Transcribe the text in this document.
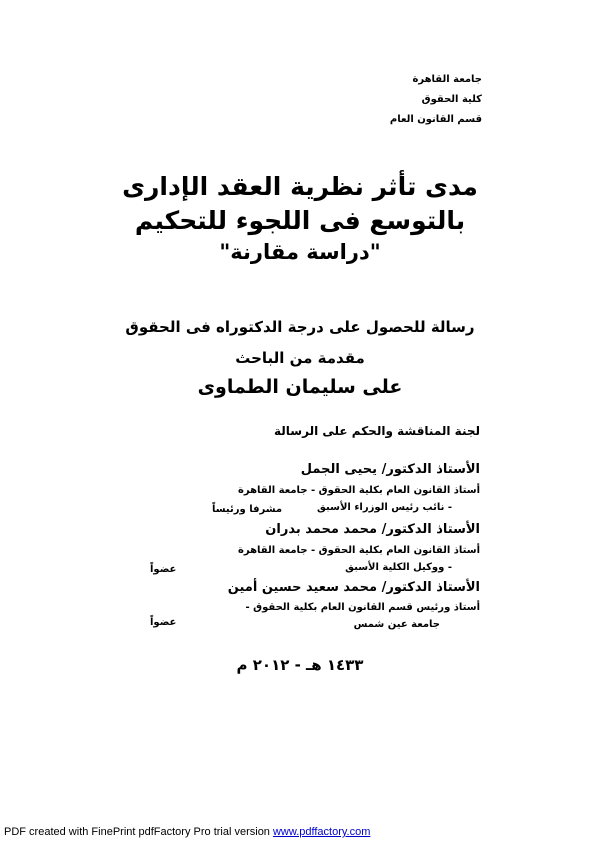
جامعة القاهرة
كلية الحقوق
قسم القانون العام
مدى تأثر نظرية العقد الإدارى
بالتوسع فى اللجوء للتحكيم
"دراسة مقارنة"
رسالة للحصول على درجة الدكتوراه فى الحقوق
مقدمة من الباحث
على سليمان الطماوى
لجنة المناقشة والحكم على الرسالة
الأستاذ الدكتور/ يحيى الجمل
أستاذ القانون العام بكلية الحقوق - جامعة القاهرة
- نائب رئيس الوزراء الأسبق
مشرفا ورئيساً
الأستاذ الدكتور/ محمد محمد بدران
أستاذ القانون العام بكلية الحقوق - جامعة القاهرة
- ووكيل الكلية الأسبق
عضواً
الأستاذ الدكتور/ محمد سعيد حسين أمين
أستاذ ورئيس قسم القانون العام بكلية الحقوق -
جامعة عين شمس
عضواً
١٤٣٣ هـ - ٢٠١٢ م
PDF created with FinePrint pdfFactory Pro trial version www.pdffactory.com
